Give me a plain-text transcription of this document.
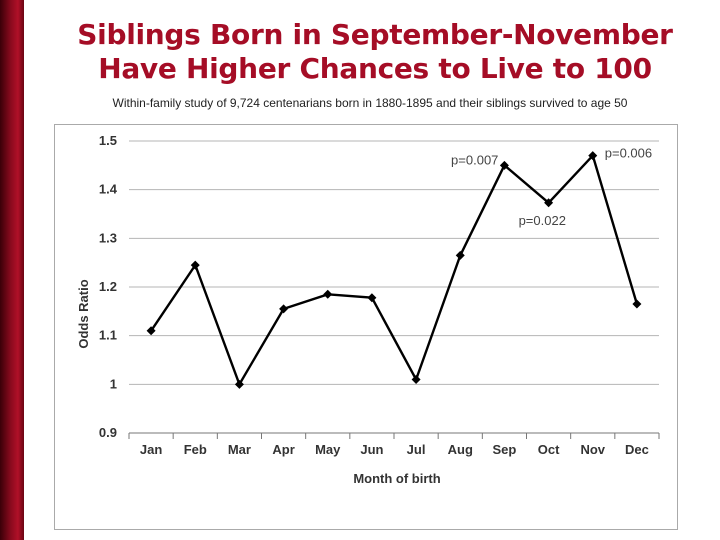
Siblings Born in September-November
Have Higher Chances to Live to 100
Within-family study of 9,724 centenarians born in 1880-1895 and their siblings survived to age 50
0.9
1
1.1
1.2
1.3
1.4
1.5
Jan Feb Mar Apr May Jun Jul Aug Sep Oct Nov Dec
p=0.007
p=0.022
p=0.006
Odds Ratio
Month of birth
